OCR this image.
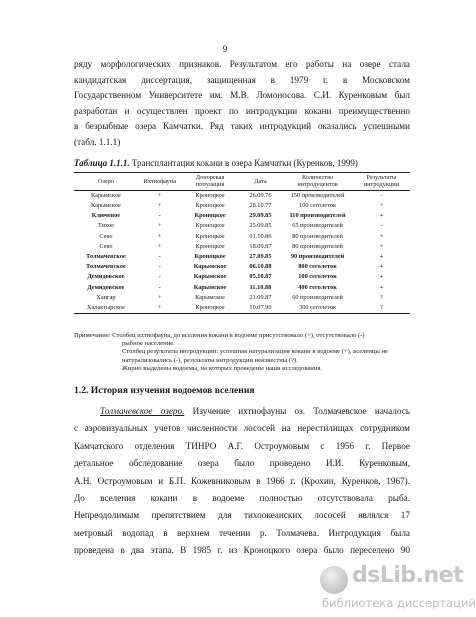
9
ряду морфологических признаков. Результатом его работы на озере стала
кандидатская диссертация, защищенная в 1979 г. в Московском
Государственном Университете им. М.В. Ломоносова. С.И. Куренковым был
разработан и осуществлен проект по интродукции кокани преимущественно
в безрыбные озера Камчатки. Ряд таких интродукций оказались успешными
(табл. 1.1.1)
Таблица 1.1.1. Трансплантация кокани в озера Камчатки (Куренков, 1999)
Озеро	Ихтиофауна	Донорская популяция	Дата	Количество интродуцентов	Результаты интродукции
Карымское	+	Кроноцкое	26.09.76	150 производителей	-
Карымское	+	Кроноцкое	28.10.77	100 сеголеток	+
Ключевое	-	Кроноцкое	29.09.85	110 производителей	+
Тихое	+	Кроноцкое	25.09.85	65 производителей	-
Сево	+	Кроноцкое	01.10.86	80 производителей	+
Сево	+	Кроноцкое	18.09.87	80 производителей	+
Толмачевское	-	Кроноцкое	27.09.85	90 производителей	+
Толмачевское	-	Карымское	06.10.88	800 сеголеток	+
Демидовское	-	Карымское	05.10.87	100 сеголеток	+
Демидовское	-	Карымское	11.10.88	400 сеголеток	+
Хангар	+	Карымское	21.09.87	60 производителей	?
Халактырское	+	Кроноцкое	10.07.90	300 сеголеток	?
Примечание: Столбец ихтиофауна, до вселения кокани в водоеме присутствовало (+), отсутствовало (-)
рыбное население.
Столбец результаты интродукции: успешная натурализация кокани в водоеме (+), вселенцы не
натурализовались (-), результаты интродукции неизвестны (?).
Жирно выделены водоемы, на которых проведены наши исследования.
1.2. История изучения водоемов вселения
Толмачевское озеро. Изучение ихтиофауны оз. Толмачевское началось
с аэровизуальных учетов численности лососей на нерестилищах сотрудником
Камчатского отделения ТИНРО А.Г. Остроумовым с 1956 г. Первое
детальное обследование озера было проведено И.И. Куренковым,
А.Н. Остроумовым и Б.П. Кожевниковым в 1966 г. (Крохин, Куренков, 1967).
До вселения кокани в водоеме полностью отсутствовала рыба.
Непреодолимым препятствием для тихоокеанских лососей являлся 17
метровый водопад в верхнем течении р. Толмачева. Интродукция была
проведена в два этапа. В 1985 г. из Кроноцкого озера было переселено 90
dsLib.net
библиотека диссертаций
